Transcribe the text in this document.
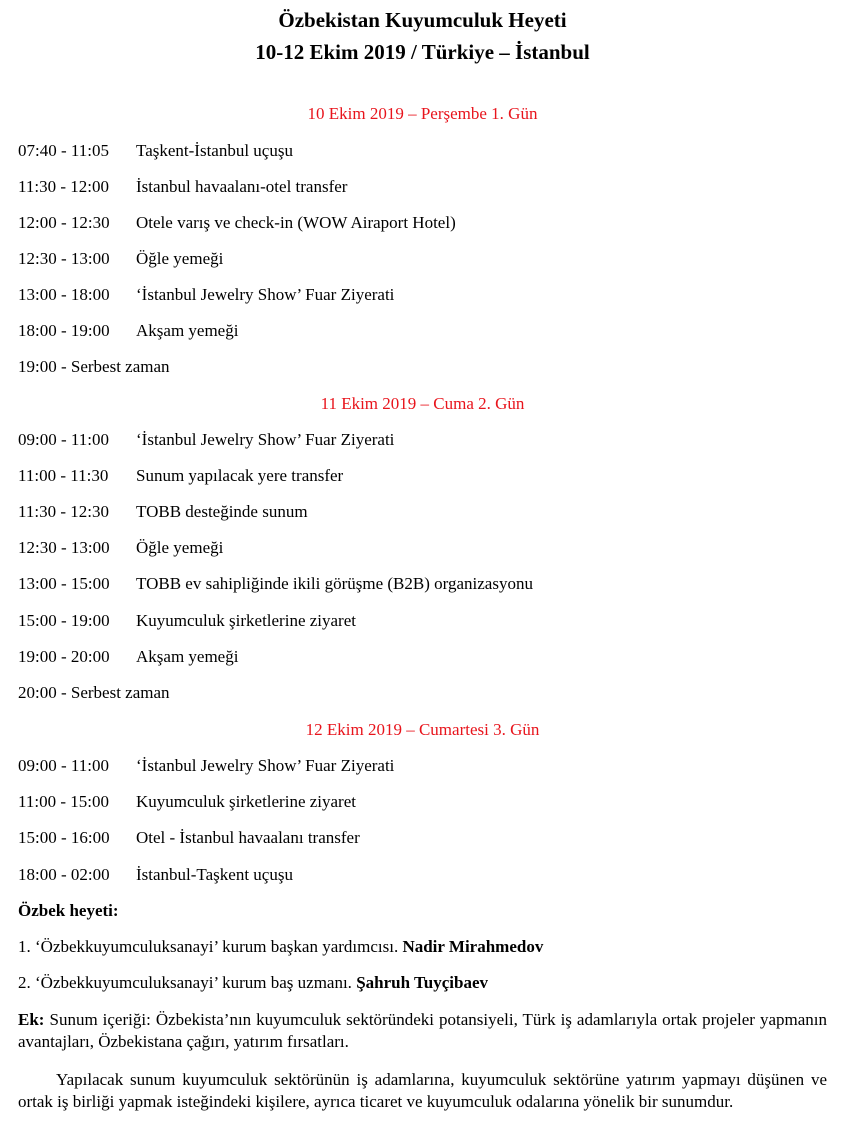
Özbekistan Kuyumculuk Heyeti
10-12 Ekim 2019 / Türkiye – İstanbul
10 Ekim 2019 – Perşembe 1. Gün
07:40 - 11:05 Taşkent-İstanbul uçuşu
11:30 - 12:00 İstanbul havaalanı-otel transfer
12:00 - 12:30 Otele varış ve check-in (WOW Airaport Hotel)
12:30 - 13:00 Öğle yemeği
13:00 - 18:00 ‘İstanbul Jewelry Show’ Fuar Ziyerati
18:00 - 19:00 Akşam yemeği
19:00 - Serbest zaman
11 Ekim 2019 – Cuma 2. Gün
09:00 - 11:00 ‘İstanbul Jewelry Show’ Fuar Ziyerati
11:00 - 11:30 Sunum yapılacak yere transfer
11:30 - 12:30 TOBB desteğinde sunum
12:30 - 13:00 Öğle yemeği
13:00 - 15:00 TOBB ev sahipliğinde ikili görüşme (B2B) organizasyonu
15:00 - 19:00 Kuyumculuk şirketlerine ziyaret
19:00 - 20:00 Akşam yemeği
20:00 - Serbest zaman
12 Ekim 2019 – Cumartesi 3. Gün
09:00 - 11:00 ‘İstanbul Jewelry Show’ Fuar Ziyerati
11:00 - 15:00 Kuyumculuk şirketlerine ziyaret
15:00 - 16:00 Otel - İstanbul havaalanı transfer
18:00 - 02:00 İstanbul-Taşkent uçuşu
Özbek heyeti:
1. ‘Özbekkuyumculuksanayi’ kurum başkan yardımcısı. Nadir Mirahmedov
2. ‘Özbekkuyumculuksanayi’ kurum baş uzmanı. Şahruh Tuyçibaev

Ek: Sunum içeriği: Özbekista’nın kuyumculuk sektöründeki potansiyeli, Türk iş adamlarıyla ortak projeler yapmanın avantajları, Özbekistana çağırı, yatırım fırsatları.

Yapılacak sunum kuyumculuk sektörünün iş adamlarına, kuyumculuk sektörüne yatırım yapmayı düşünen ve ortak iş birliği yapmak isteğindeki kişilere, ayrıca ticaret ve kuyumculuk odalarına yönelik bir sunumdur.
